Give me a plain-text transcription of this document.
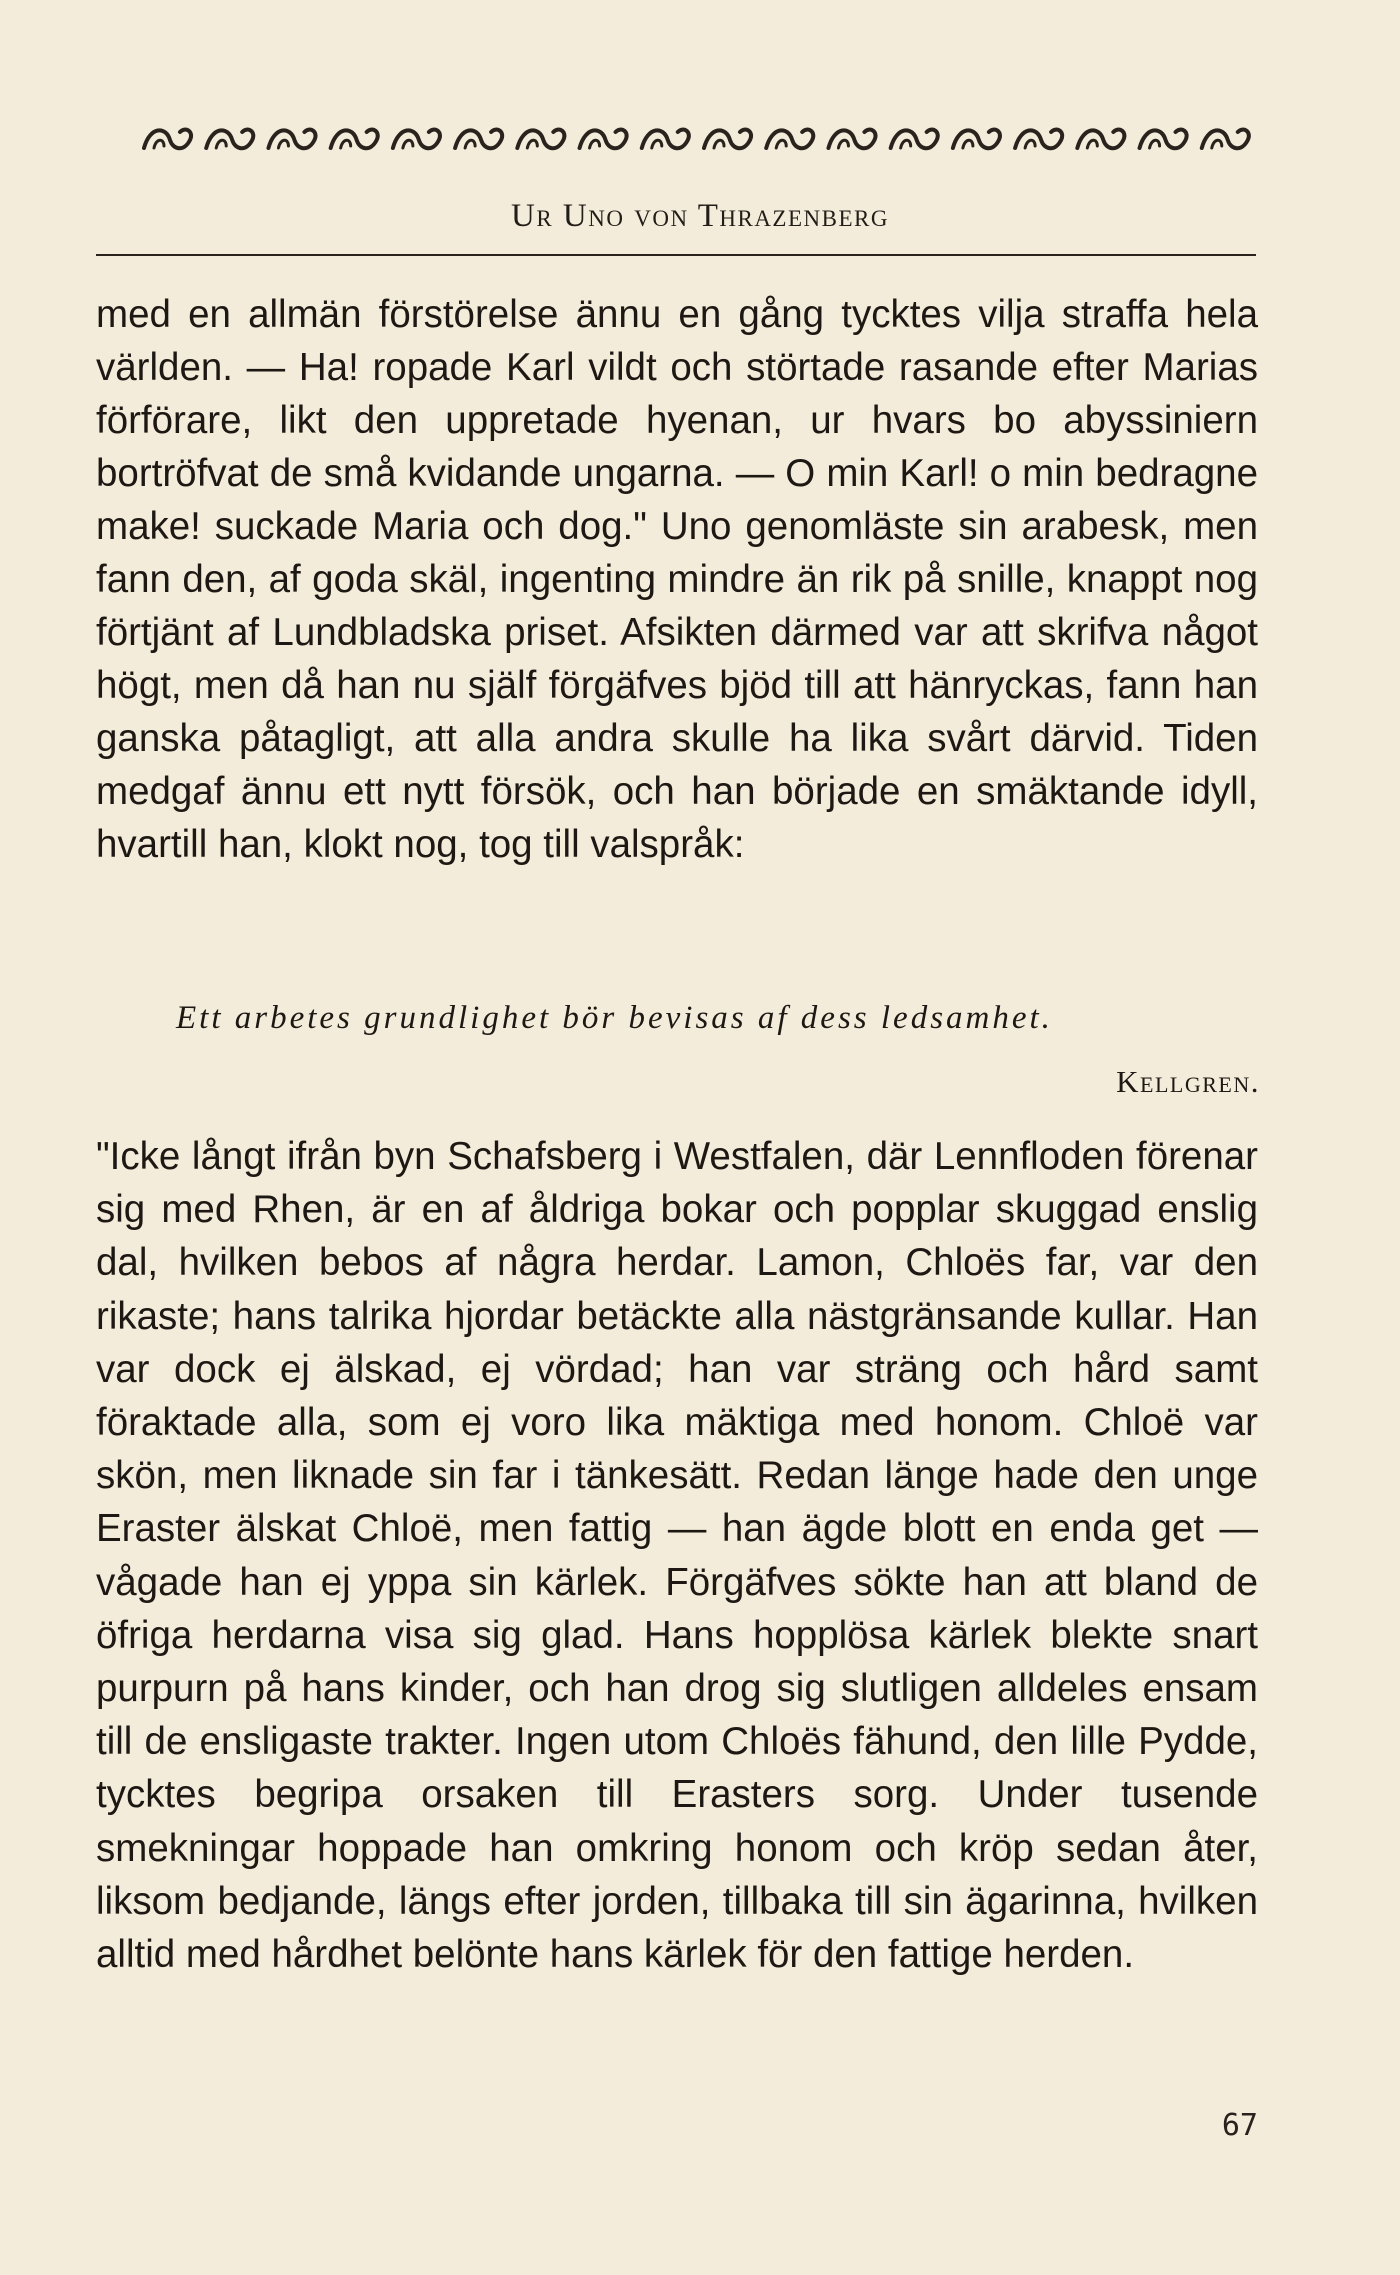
Ur Uno von Thrazenberg

med en allmän förstörelse ännu en gång tycktes vilja straffa hela världen. — Ha! ropade Karl vildt och störtade rasande efter Marias förförare, likt den uppretade hyenan, ur hvars bo abyssiniern bortröfvat de små kvidande ungarna. — O min Karl! o min bedragne make! suckade Maria och dog." Uno genomläste sin arabesk, men fann den, af goda skäl, ingenting mindre än rik på snille, knappt nog förtjänt af Lundbladska priset. Afsikten därmed var att skrifva något högt, men då han nu själf förgäfves bjöd till att hänryckas, fann han ganska påtagligt, att alla andra skulle ha lika svårt därvid. Tiden medgaf ännu ett nytt försök, och han började en smäktande idyll, hvartill han, klokt nog, tog till valspråk:

Ett arbetes grundlighet bör bevisas af dess ledsamhet.
Kellgren.

"Icke långt ifrån byn Schafsberg i Westfalen, där Lennfloden förenar sig med Rhen, är en af åldriga bokar och popplar skuggad enslig dal, hvilken bebos af några herdar. Lamon, Chloës far, var den rikaste; hans talrika hjordar betäckte alla nästgränsande kullar. Han var dock ej älskad, ej vördad; han var sträng och hård samt föraktade alla, som ej voro lika mäktiga med honom. Chloë var skön, men liknade sin far i tänkesätt. Redan länge hade den unge Eraster älskat Chloë, men fattig — han ägde blott en enda get — vågade han ej yppa sin kärlek. Förgäfves sökte han att bland de öfriga herdarna visa sig glad. Hans hopplösa kärlek blekte snart purpurn på hans kinder, och han drog sig slutligen alldeles ensam till de ensligaste trakter. Ingen utom Chloës fähund, den lille Pydde, tycktes begripa orsaken till Erasters sorg. Under tusende smekningar hoppade han omkring honom och kröp sedan åter, liksom bedjande, längs efter jorden, tillbaka till sin ägarinna, hvilken alltid med hårdhet belönte hans kärlek för den fattige herden.

67
